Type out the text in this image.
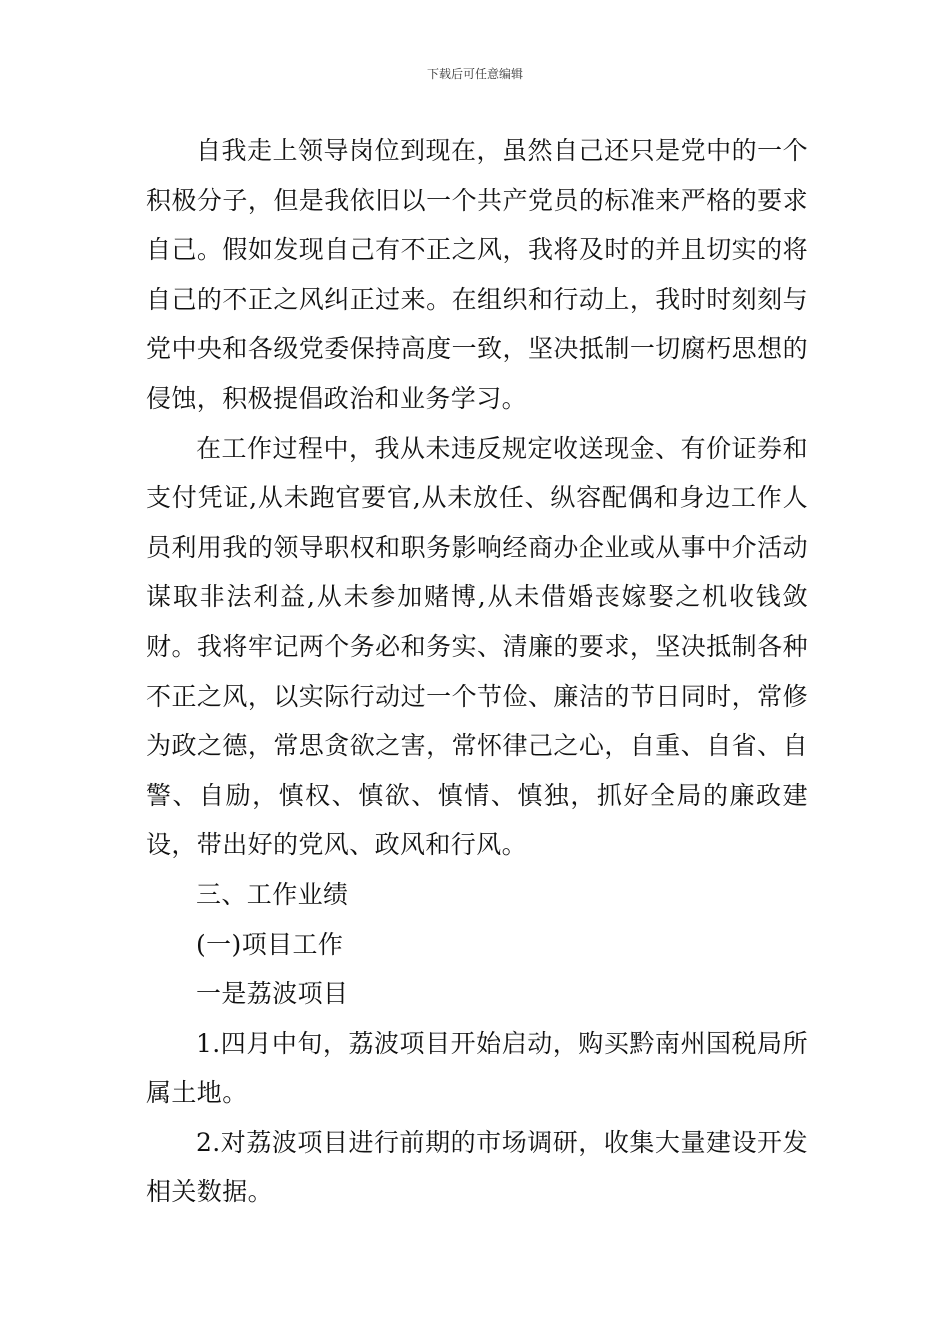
下载后可任意编辑

自我走上领导岗位到现在，虽然自己还只是党中的一个积极分子，但是我依旧以一个共产党员的标准来严格的要求自己。假如发现自己有不正之风，我将及时的并且切实的将自己的不正之风纠正过来。在组织和行动上，我时时刻刻与党中央和各级党委保持高度一致，坚决抵制一切腐朽思想的侵蚀，积极提倡政治和业务学习。

在工作过程中，我从未违反规定收送现金、有价证券和支付凭证,从未跑官要官,从未放任、纵容配偶和身边工作人员利用我的领导职权和职务影响经商办企业或从事中介活动谋取非法利益,从未参加赌博,从未借婚丧嫁娶之机收钱敛财。我将牢记两个务必和务实、清廉的要求，坚决抵制各种不正之风，以实际行动过一个节俭、廉洁的节日同时，常修为政之德，常思贪欲之害，常怀律己之心，自重、自省、自警、自励，慎权、慎欲、慎情、慎独，抓好全局的廉政建设，带出好的党风、政风和行风。

三、工作业绩

(一)项目工作

一是荔波项目

1.四月中旬，荔波项目开始启动，购买黔南州国税局所属土地。

2.对荔波项目进行前期的市场调研，收集大量建设开发相关数据。
